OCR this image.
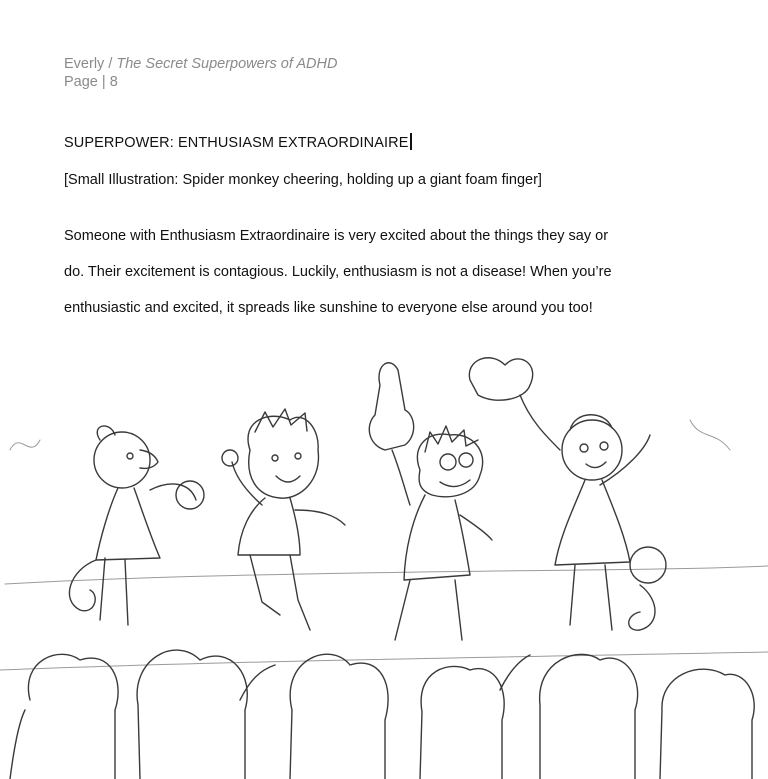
Everly / The Secret Superpowers of ADHD
Page | 8
SUPERPOWER: ENTHUSIASM EXTRAORDINAIRE
[Small Illustration: Spider monkey cheering, holding up a giant foam finger]
Someone with Enthusiasm Extraordinaire is very excited about the things they say or
do. Their excitement is contagious. Luckily, enthusiasm is not a disease! When you’re
enthusiastic and excited, it spreads like sunshine to everyone else around you too!
